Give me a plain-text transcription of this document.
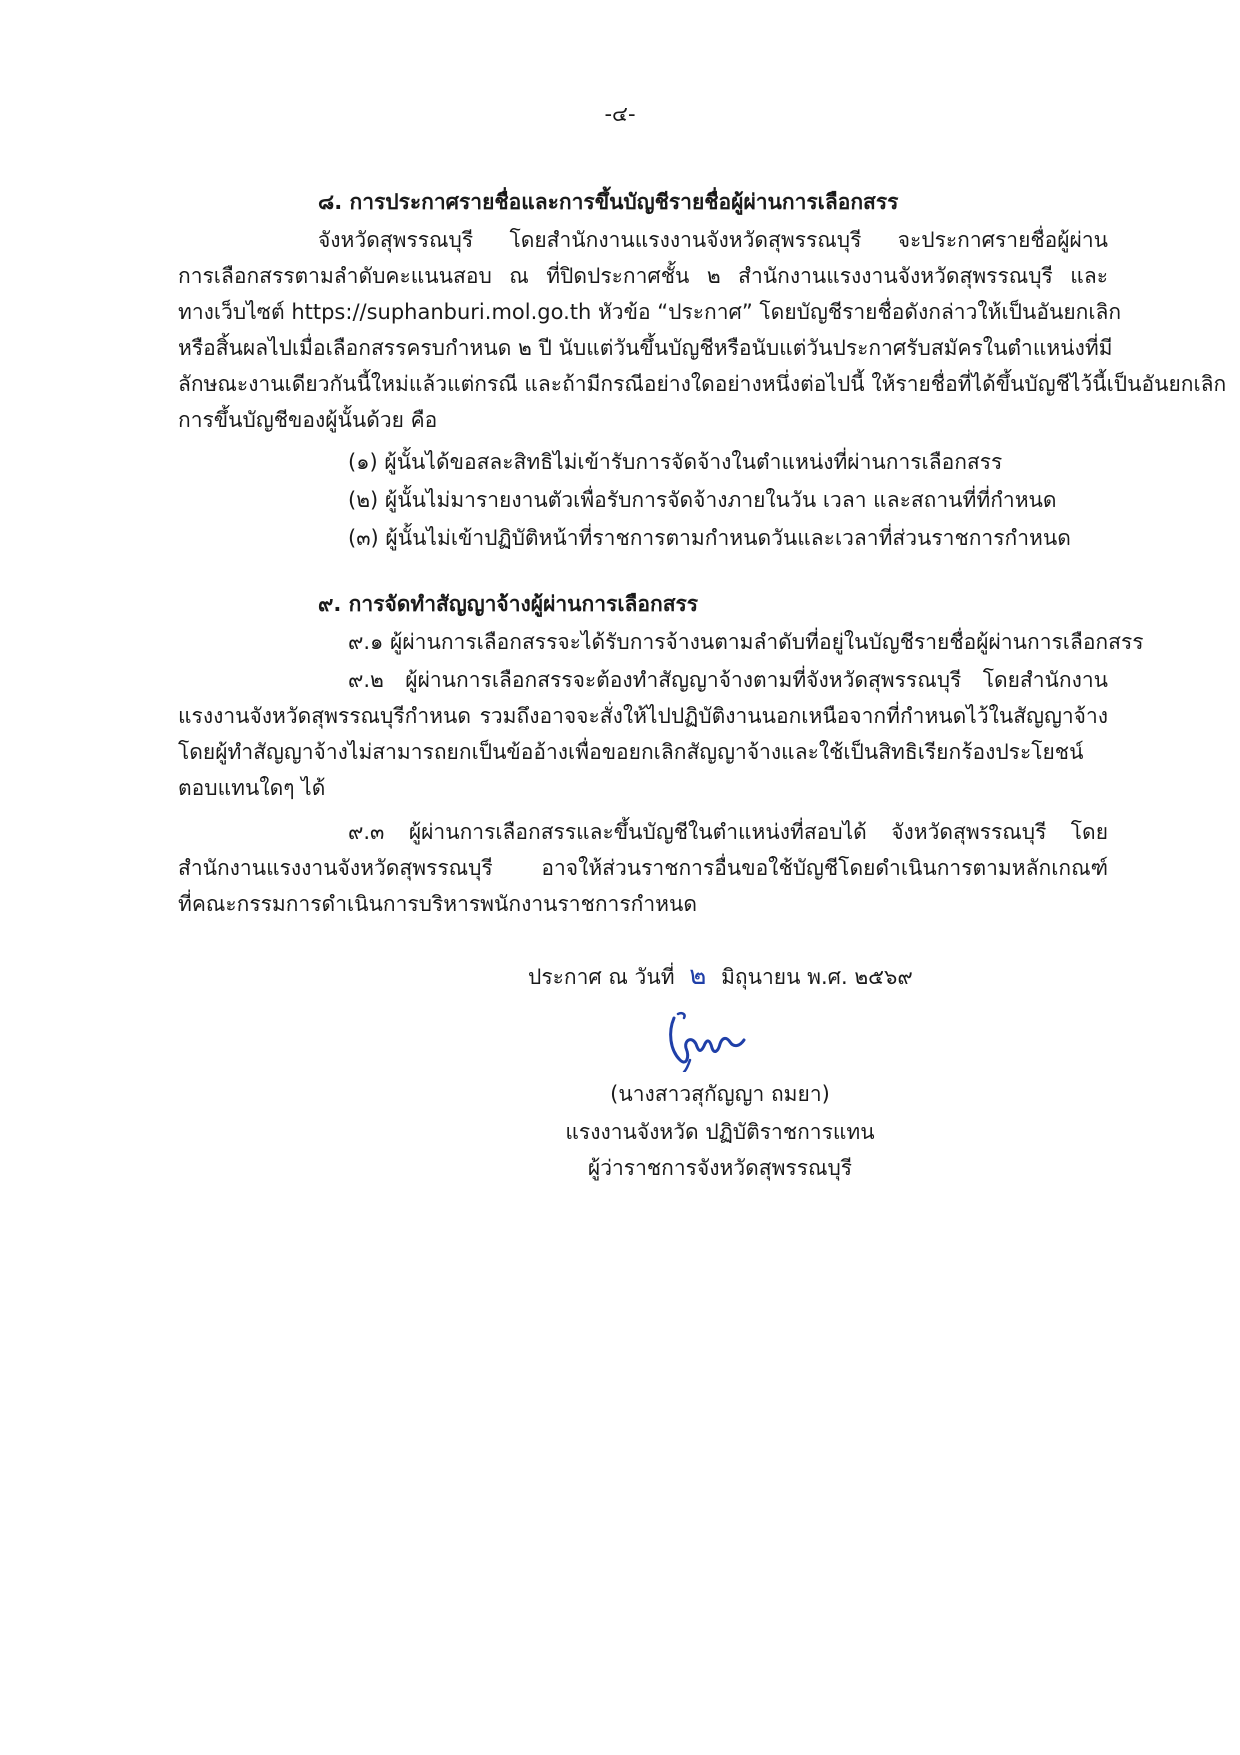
-๔-
๘. การประกาศรายชื่อและการขึ้นบัญชีรายชื่อผู้ผ่านการเลือกสรร
จังหวัดสุพรรณบุรี โดยสำนักงานแรงงานจังหวัดสุพรรณบุรี จะประกาศรายชื่อผู้ผ่าน
การเลือกสรรตามลำดับคะแนนสอบ ณ ที่ปิดประกาศชั้น ๒ สำนักงานแรงงานจังหวัดสุพรรณบุรี และ
ทางเว็บไซต์ https://suphanburi.mol.go.th หัวข้อ “ประกาศ” โดยบัญชีรายชื่อดังกล่าวให้เป็นอันยกเลิก
หรือสิ้นผลไปเมื่อเลือกสรรครบกำหนด ๒ ปี นับแต่วันขึ้นบัญชีหรือนับแต่วันประกาศรับสมัครในตำแหน่งที่มี
ลักษณะงานเดียวกันนี้ใหม่แล้วแต่กรณี และถ้ามีกรณีอย่างใดอย่างหนึ่งต่อไปนี้ ให้รายชื่อที่ได้ขึ้นบัญชีไว้นี้เป็นอันยกเลิก
การขึ้นบัญชีของผู้นั้นด้วย คือ
(๑) ผู้นั้นได้ขอสละสิทธิไม่เข้ารับการจัดจ้างในตำแหน่งที่ผ่านการเลือกสรร
(๒) ผู้นั้นไม่มารายงานตัวเพื่อรับการจัดจ้างภายในวัน เวลา และสถานที่ที่กำหนด
(๓) ผู้นั้นไม่เข้าปฏิบัติหน้าที่ราชการตามกำหนดวันและเวลาที่ส่วนราชการกำหนด
๙. การจัดทำสัญญาจ้างผู้ผ่านการเลือกสรร
๙.๑ ผู้ผ่านการเลือกสรรจะได้รับการจ้างนตามลำดับที่อยู่ในบัญชีรายชื่อผู้ผ่านการเลือกสรร
๙.๒ ผู้ผ่านการเลือกสรรจะต้องทำสัญญาจ้างตามที่จังหวัดสุพรรณบุรี โดยสำนักงาน
แรงงานจังหวัดสุพรรณบุรีกำหนด รวมถึงอาจจะสั่งให้ไปปฏิบัติงานนอกเหนือจากที่กำหนดไว้ในสัญญาจ้าง
โดยผู้ทำสัญญาจ้างไม่สามารถยกเป็นข้ออ้างเพื่อขอยกเลิกสัญญาจ้างและใช้เป็นสิทธิเรียกร้องประโยชน์
ตอบแทนใดๆ ได้
๙.๓ ผู้ผ่านการเลือกสรรและขึ้นบัญชีในตำแหน่งที่สอบได้ จังหวัดสุพรรณบุรี โดย
สำนักงานแรงงานจังหวัดสุพรรณบุรี อาจให้ส่วนราชการอื่นขอใช้บัญชีโดยดำเนินการตามหลักเกณฑ์
ที่คณะกรรมการดำเนินการบริหารพนักงานราชการกำหนด
ประกาศ ณ วันที่ ๒ มิถุนายน พ.ศ. ๒๕๖๙
(นางสาวสุกัญญา ถมยา)
แรงงานจังหวัด ปฏิบัติราชการแทน
ผู้ว่าราชการจังหวัดสุพรรณบุรี
